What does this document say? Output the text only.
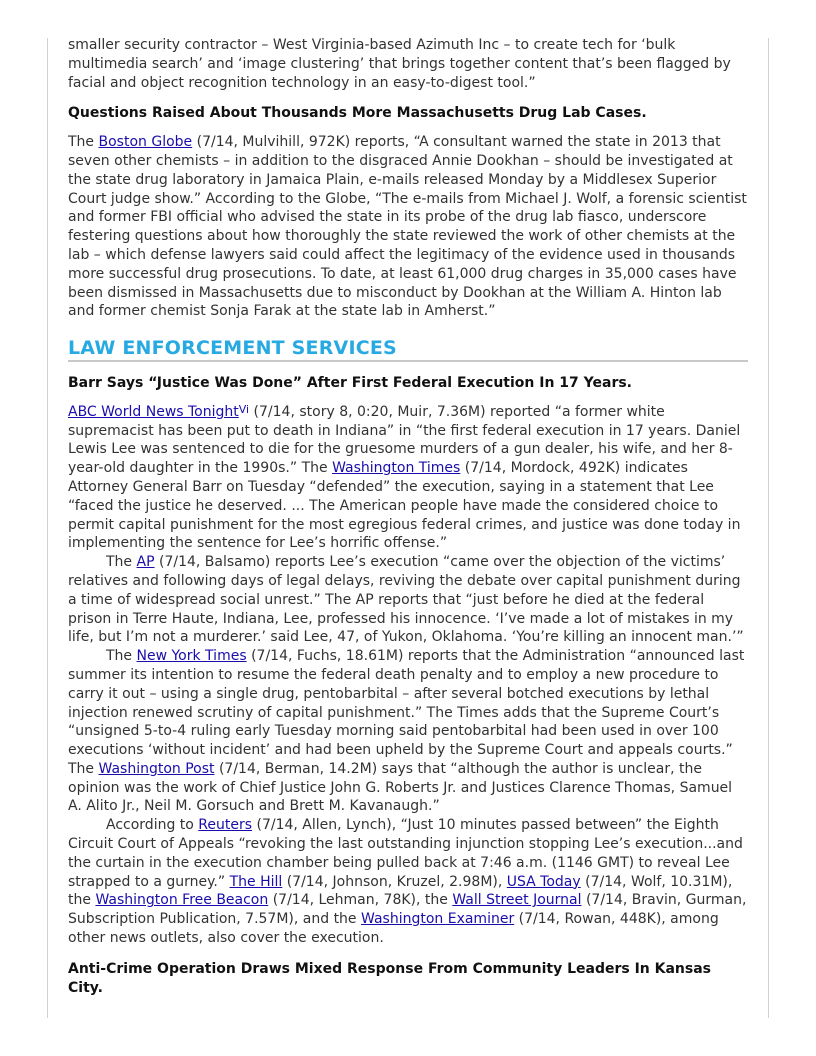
smaller security contractor – West Virginia-based Azimuth Inc – to create tech for ‘bulk multimedia search’ and ‘image clustering’ that brings together content that’s been flagged by facial and object recognition technology in an easy-to-digest tool.”

Questions Raised About Thousands More Massachusetts Drug Lab Cases.

The Boston Globe (7/14, Mulvihill, 972K) reports, “A consultant warned the state in 2013 that seven other chemists – in addition to the disgraced Annie Dookhan – should be investigated at the state drug laboratory in Jamaica Plain, e-mails released Monday by a Middlesex Superior Court judge show.” According to the Globe, “The e-mails from Michael J. Wolf, a forensic scientist and former FBI official who advised the state in its probe of the drug lab fiasco, underscore festering questions about how thoroughly the state reviewed the work of other chemists at the lab – which defense lawyers said could affect the legitimacy of the evidence used in thousands more successful drug prosecutions. To date, at least 61,000 drug charges in 35,000 cases have been dismissed in Massachusetts due to misconduct by Dookhan at the William A. Hinton lab and former chemist Sonja Farak at the state lab in Amherst.”

LAW ENFORCEMENT SERVICES
Barr Says “Justice Was Done” After First Federal Execution In 17 Years.

ABC World News Tonight$^{Vi}$ (7/14, story 8, 0:20, Muir, 7.36M) reported “a former white supremacist has been put to death in Indiana” in “the first federal execution in 17 years. Daniel Lewis Lee was sentenced to die for the gruesome murders of a gun dealer, his wife, and her 8-year-old daughter in the 1990s.” The Washington Times (7/14, Mordock, 492K) indicates Attorney General Barr on Tuesday “defended” the execution, saying in a statement that Lee “faced the justice he deserved. ... The American people have made the considered choice to permit capital punishment for the most egregious federal crimes, and justice was done today in implementing the sentence for Lee’s horrific offense.”

The AP (7/14, Balsamo) reports Lee’s execution “came over the objection of the victims’ relatives and following days of legal delays, reviving the debate over capital punishment during a time of widespread social unrest.” The AP reports that “just before he died at the federal prison in Terre Haute, Indiana, Lee, professed his innocence. ‘I’ve made a lot of mistakes in my life, but I’m not a murderer.’ said Lee, 47, of Yukon, Oklahoma. ‘You’re killing an innocent man.’”

The New York Times (7/14, Fuchs, 18.61M) reports that the Administration “announced last summer its intention to resume the federal death penalty and to employ a new procedure to carry it out – using a single drug, pentobarbital – after several botched executions by lethal injection renewed scrutiny of capital punishment.” The Times adds that the Supreme Court’s “unsigned 5-to-4 ruling early Tuesday morning said pentobarbital had been used in over 100 executions ‘without incident’ and had been upheld by the Supreme Court and appeals courts.” The Washington Post (7/14, Berman, 14.2M) says that “although the author is unclear, the opinion was the work of Chief Justice John G. Roberts Jr. and Justices Clarence Thomas, Samuel A. Alito Jr., Neil M. Gorsuch and Brett M. Kavanaugh.”

According to Reuters (7/14, Allen, Lynch), “Just 10 minutes passed between” the Eighth Circuit Court of Appeals “revoking the last outstanding injunction stopping Lee’s execution...and the curtain in the execution chamber being pulled back at 7:46 a.m. (1146 GMT) to reveal Lee strapped to a gurney.” The Hill (7/14, Johnson, Kruzel, 2.98M), USA Today (7/14, Wolf, 10.31M), the Washington Free Beacon (7/14, Lehman, 78K), the Wall Street Journal (7/14, Bravin, Gurman, Subscription Publication, 7.57M), and the Washington Examiner (7/14, Rowan, 448K), among other news outlets, also cover the execution.

Anti-Crime Operation Draws Mixed Response From Community Leaders In Kansas City.
